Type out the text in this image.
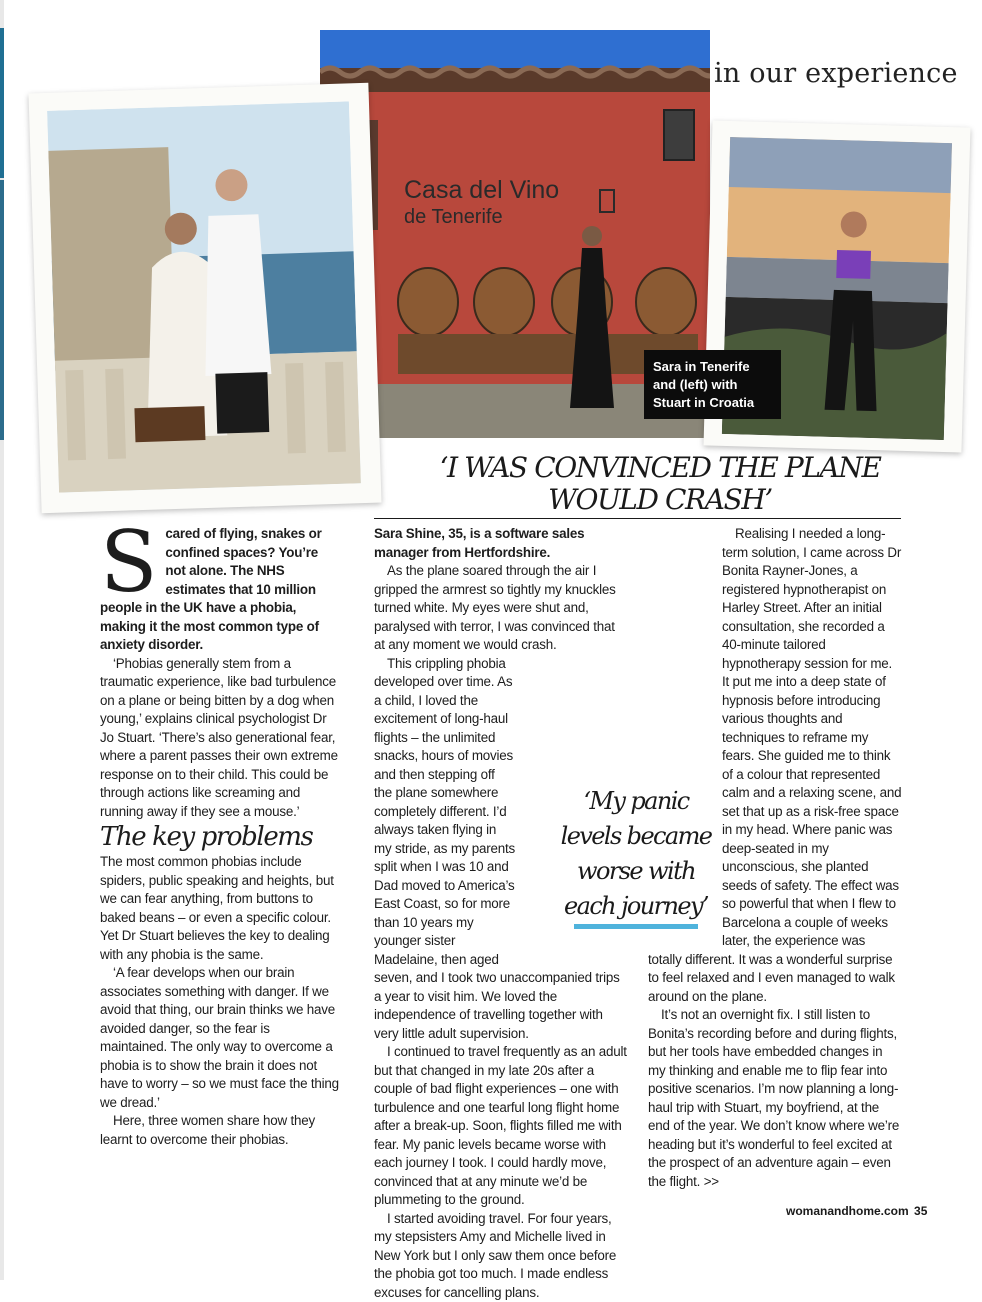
in our experience
Casa del Vino
de Tenerife
Sara in Tenerife and (left) with Stuart in Croatia
‘I WAS CONVINCED THE PLANE WOULD CRASH’

Scared of flying, snakes or confined spaces? You’re not alone. The NHS estimates that 10 million people in the UK have a phobia, making it the most common type of anxiety disorder.

‘Phobias generally stem from a traumatic experience, like bad turbulence on a plane or being bitten by a dog when young,’ explains clinical psychologist Dr Jo Stuart. ‘There’s also generational fear, where a parent passes their own extreme response on to their child. This could be through actions like screaming and running away if they see a mouse.’

The key problems

The most common phobias include spiders, public speaking and heights, but we can fear anything, from buttons to baked beans – or even a specific colour. Yet Dr Stuart believes the key to dealing with any phobia is the same.

‘A fear develops when our brain associates something with danger. If we avoid that thing, our brain thinks we have avoided danger, so the fear is maintained. The only way to overcome a phobia is to show the brain it does not have to worry – so we must face the thing we dread.’

Here, three women share how they learnt to overcome their phobias.

Sara Shine, 35, is a software sales manager from Hertfordshire.

As the plane soared through the air I gripped the armrest so tightly my knuckles turned white. My eyes were shut and, paralysed with terror, I was convinced that at any moment we would crash.

This crippling phobia developed over time. As a child, I loved the excitement of long-haul flights – the unlimited snacks, hours of movies and then stepping off the plane somewhere completely different. I’d always taken flying in my stride, as my parents split when I was 10 and Dad moved to America’s East Coast, so for more than 10 years my younger sister Madelaine, then aged seven, and I took two unaccompanied trips a year to visit him. We loved the independence of travelling together with very little adult supervision.

I continued to travel frequently as an adult but that changed in my late 20s after a couple of bad flight experiences – one with turbulence and one tearful long flight home after a break-up. Soon, flights filled me with fear. My panic levels became worse with each journey I took. I could hardly move, convinced that at any minute we’d be plummeting to the ground.

I started avoiding travel. For four years, my stepsisters Amy and Michelle lived in New York but I only saw them once before the phobia got too much. I made endless excuses for cancelling plans.

Realising I needed a long-term solution, I came across Dr Bonita Rayner-Jones, a registered hypnotherapist on Harley Street. After an initial consultation, she recorded a 40-minute tailored hypnotherapy session for me. It put me into a deep state of hypnosis before introducing various thoughts and techniques to reframe my fears. She guided me to think of a colour that represented calm and a relaxing scene, and set that up as a risk-free space in my head. Where panic was deep-seated in my unconscious, she planted seeds of safety. The effect was so powerful that when I flew to Barcelona a couple of weeks later, the experience was totally different. It was a wonderful surprise to feel relaxed and I even managed to walk around on the plane.

It’s not an overnight fix. I still listen to Bonita’s recording before and during flights, but her tools have embedded changes in my thinking and enable me to flip fear into positive scenarios. I’m now planning a long-haul trip with Stuart, my boyfriend, at the end of the year. We don’t know where we’re heading but it’s wonderful to feel excited at the prospect of an adventure again – even the flight. >>

‘My panic levels became worse with each journey’
womanandhome.com 35
